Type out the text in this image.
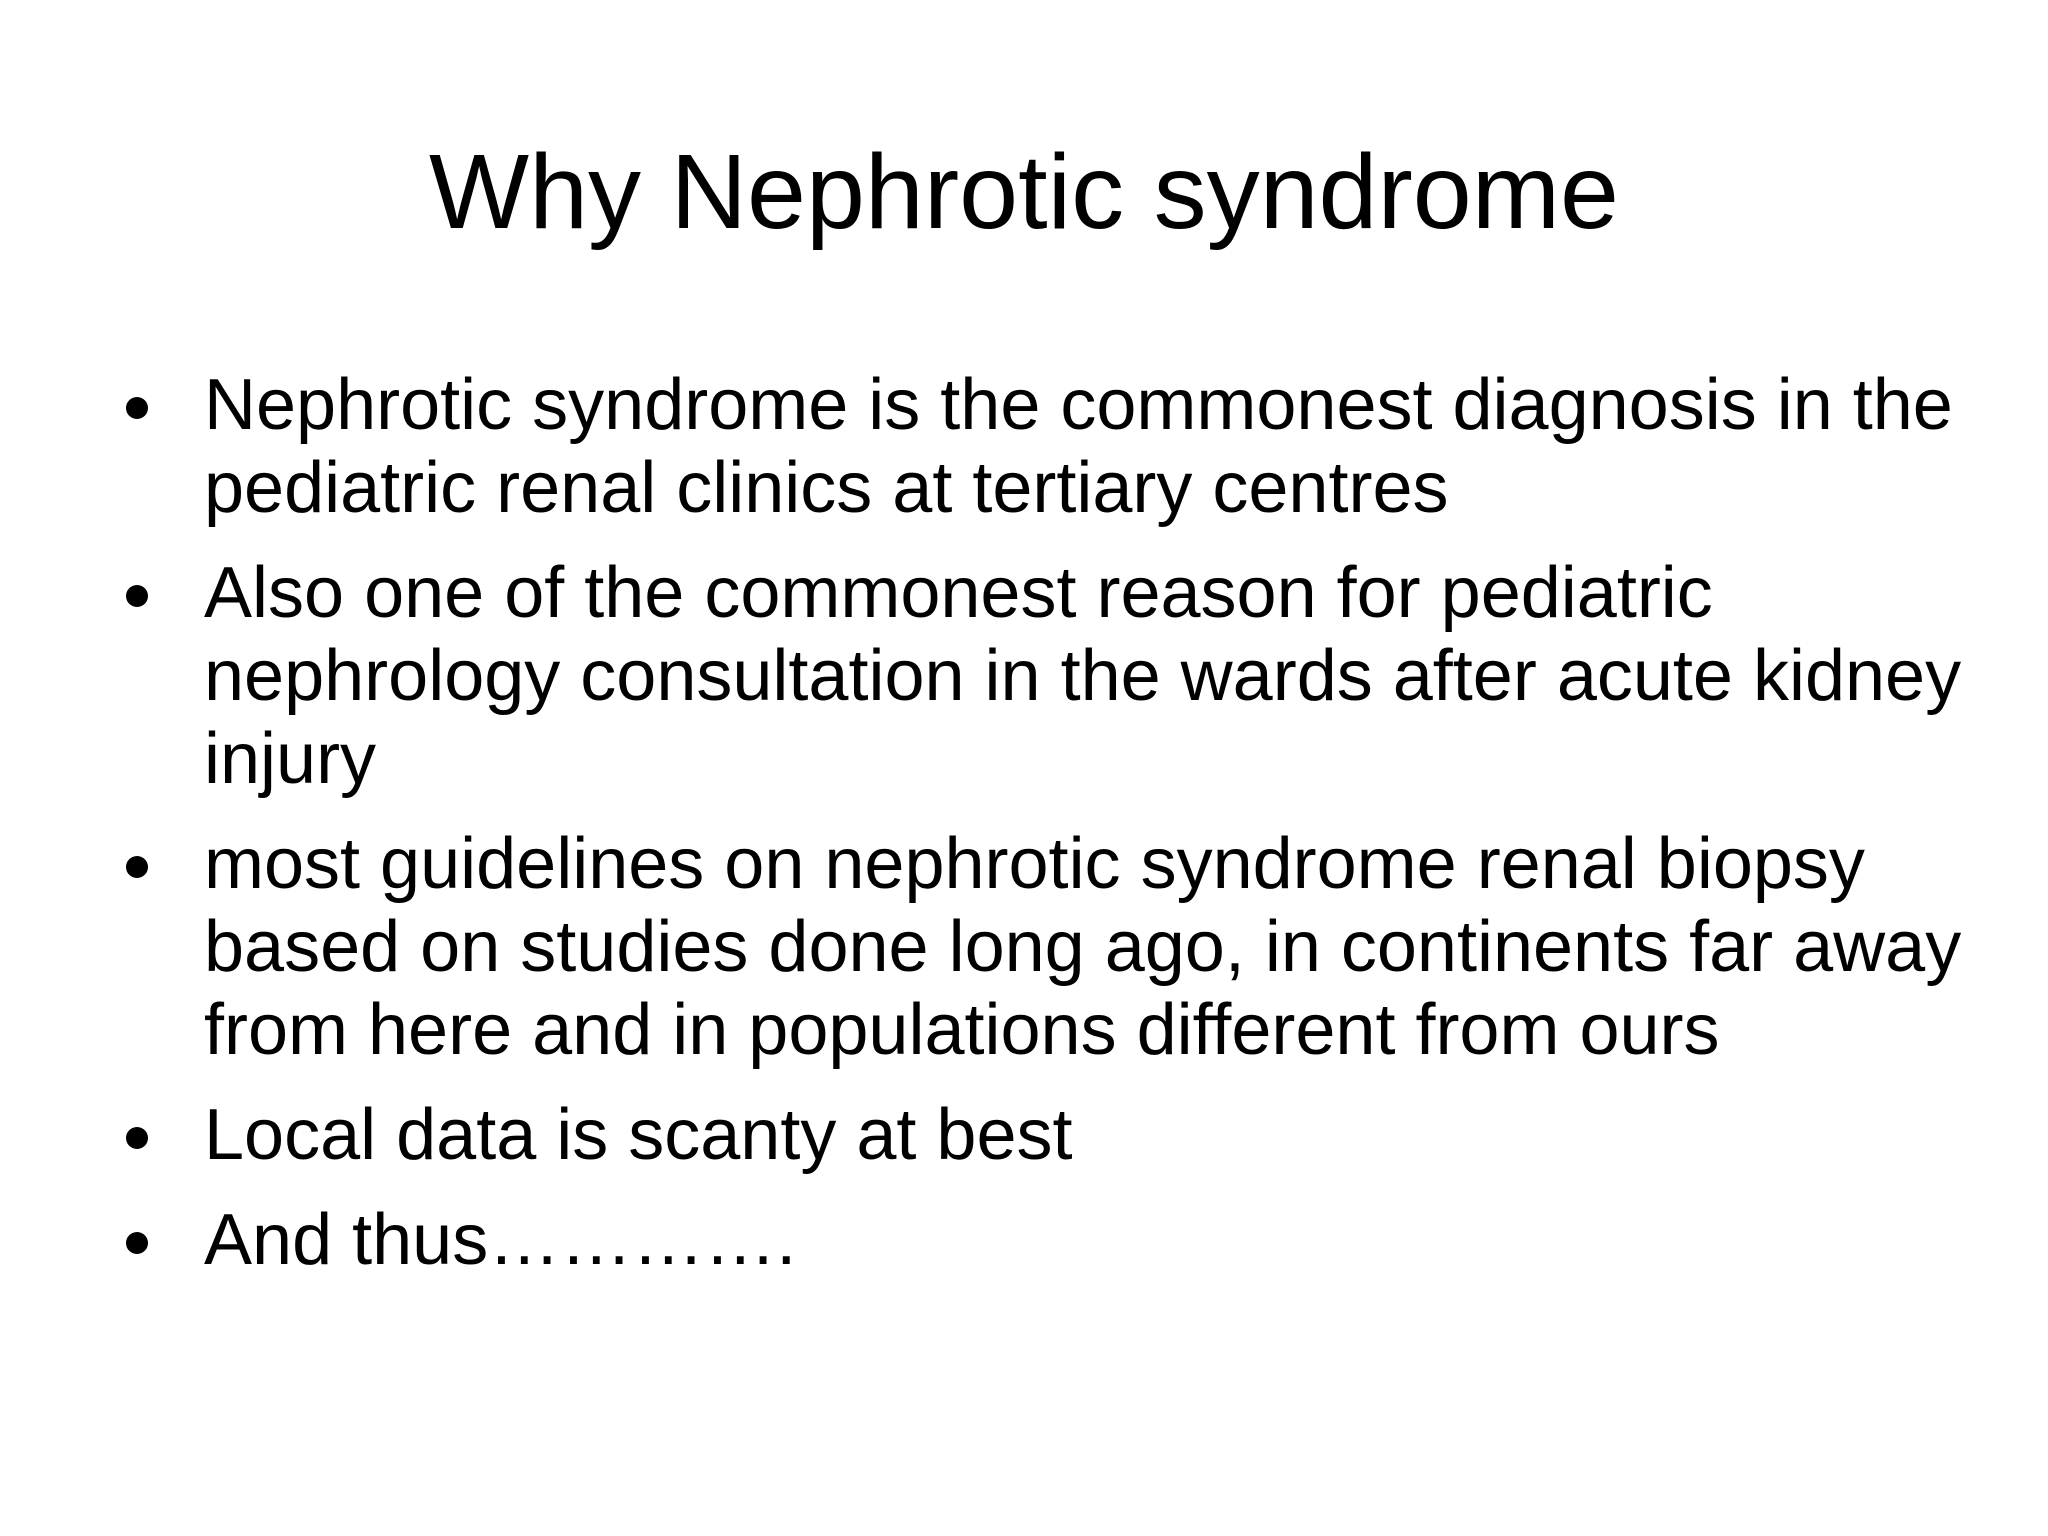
Why Nephrotic syndrome
Nephrotic syndrome is the commonest diagnosis in the pediatric renal clinics at tertiary centres
Also one of the commonest reason for pediatric nephrology consultation in the wards after acute kidney injury
most guidelines on nephrotic syndrome renal biopsy based on studies done long ago, in continents far away from here and in populations different from ours
Local data is scanty at best
And thus………….
